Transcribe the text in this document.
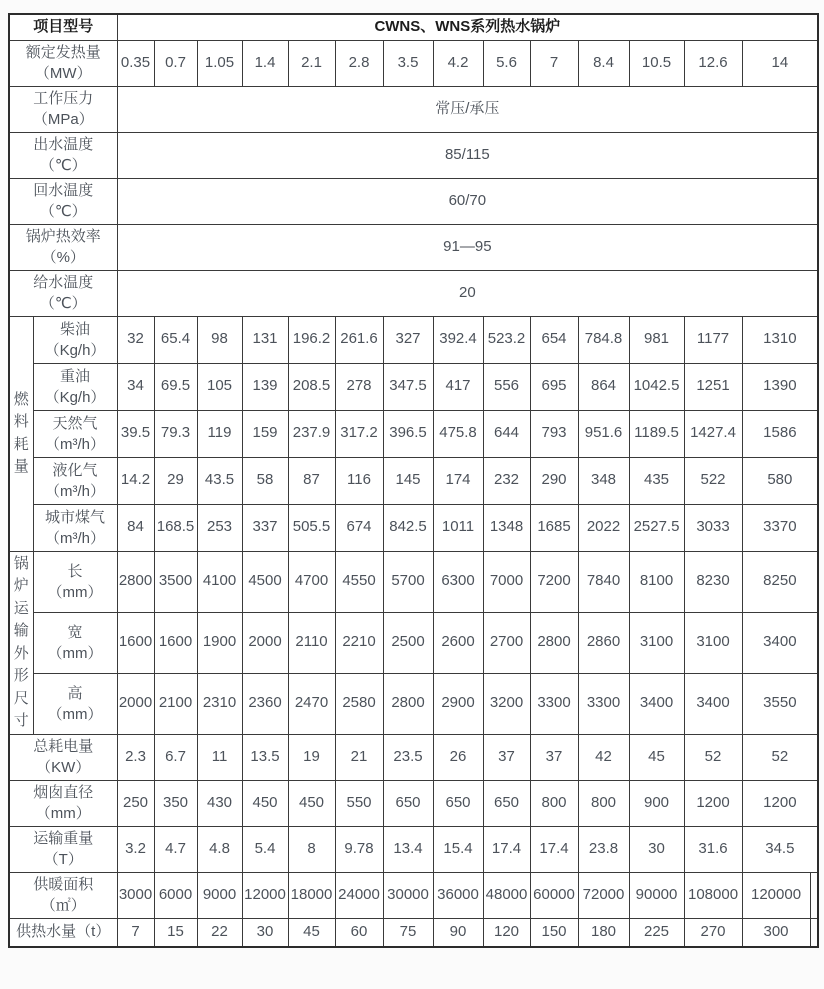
项目型号		CWNS、WNS系列热水锅炉														

额定发热量
（MW）		0.35	0.7	1.05	1.4	2.1	2.8	3.5	4.2	5.6	7	8.4	10.5	12.6	14	

工作压力
（MPa）		常压/承压														

出水温度
（℃）		85/115														

回水温度
（℃）		60/70														

锅炉热效率
（%）		91—95														

给水温度
（℃）		20														
燃料耗量	柴油
（Kg/h）	32	65.4	98	131	196.2	261.6	327	392.4	523.2	654	784.8	981	1177	1310	

	重油
（Kg/h）	34	69.5	105	139	208.5	278	347.5	417	556	695	864	1042.5	1251	1390	

	天然气
（m³/h）	39.5	79.3	119	159	237.9	317.2	396.5	475.8	644	793	951.6	1189.5	1427.4	1586	

	液化气
（m³/h）	14.2	29	43.5	58	87	116	145	174	232	290	348	435	522	580	

	城市煤气
（m³/h）	84	168.5	253	337	505.5	674	842.5	1011	1348	1685	2022	2527.5	3033	3370	
锅炉运输外形尺寸	长
（mm）	2800	3500	4100	4500	4700	4550	5700	6300	7000	7200	7840	8100	8230	8250	

	宽
（mm）	1600	1600	1900	2000	2110	2210	2500	2600	2700	2800	2860	3100	3100	3400	

	高
（mm）	2000	2100	2310	2360	2470	2580	2800	2900	3200	3300	3300	3400	3400	3550	

总耗电量
（KW）		2.3	6.7	11	13.5	19	21	23.5	26	37	37	42	45	52	52	

烟囱直径
（mm）		250	350	430	450	450	550	650	650	650	800	800	900	1200	1200	

运输重量
（T）		3.2	4.7	4.8	5.4	8	9.78	13.4	15.4	17.4	17.4	23.8	30	31.6	34.5	

供暖面积
（㎡）		3000	6000	9000	12000	18000	24000	30000	36000	48000	60000	72000	90000	108000	120000	
供热水量（t）		7	15	22	30	45	60	75	90	120	150	180	225	270	300	
